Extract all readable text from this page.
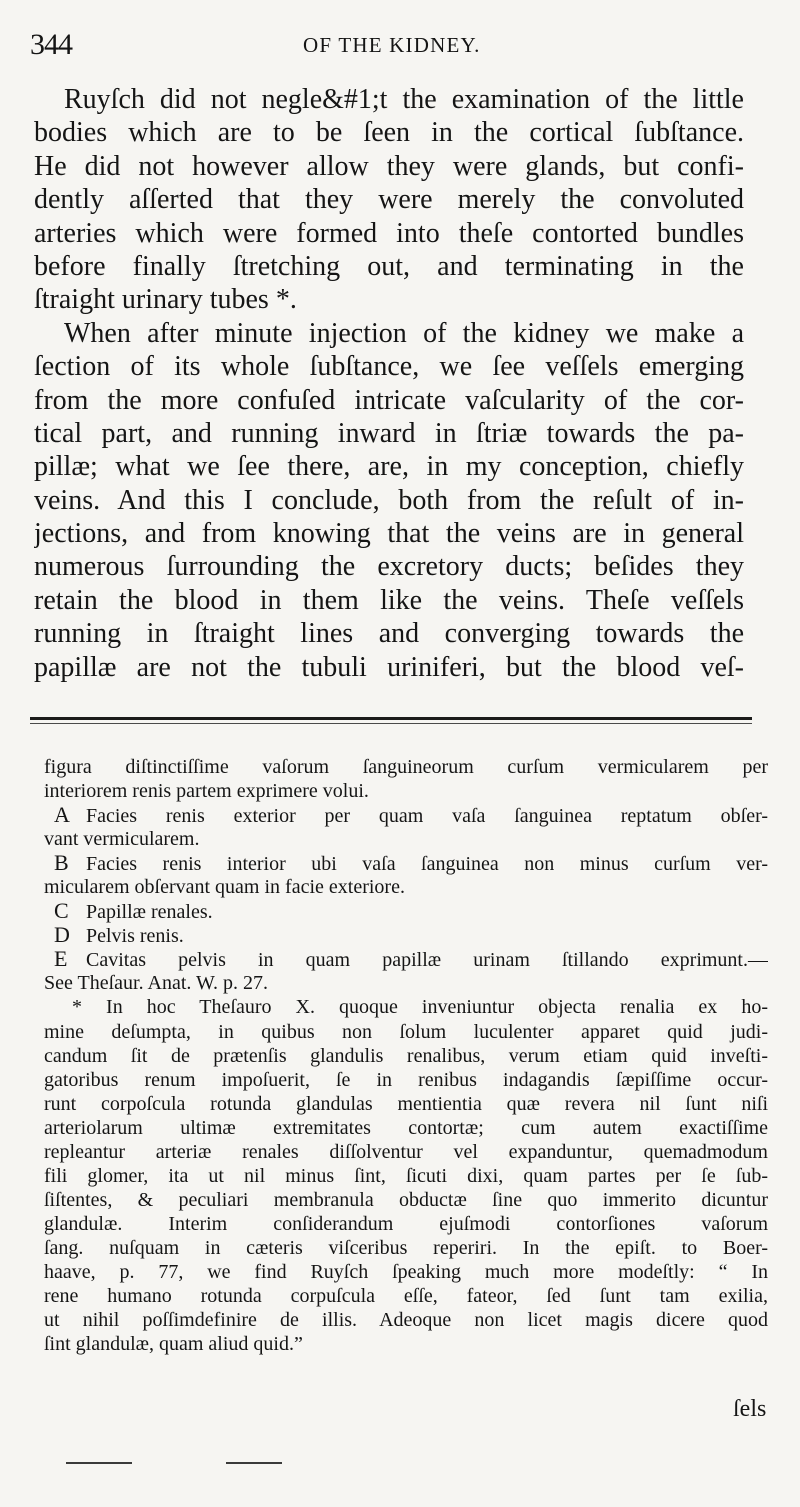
344	OF THE KIDNEY.
Ruyſch did not negle&#1;t the examination of the little
bodies which are to be ſeen in the cortical ſubſtance.
He did not however allow they were glands, but confi-
dently aſſerted that they were merely the convoluted
arteries which were formed into theſe contorted bundles
before finally ſtretching out, and terminating in the
ſtraight urinary tubes *.
When after minute injection of the kidney we make a
ſection of its whole ſubſtance, we ſee veſſels emerging
from the more confuſed intricate vaſcularity of the cor-
tical part, and running inward in ſtriæ towards the pa-
pillæ; what we ſee there, are, in my conception, chiefly
veins. And this I conclude, both from the reſult of in-
jections, and from knowing that the veins are in general
numerous ſurrounding the excretory ducts; beſides they
retain the blood in them like the veins. Theſe veſſels
running in ſtraight lines and converging towards the
papillæ are not the tubuli uriniferi, but the blood veſ-
figura diſtinctiſſime vaſorum ſanguineorum curſum vermicularem per
interiorem renis partem exprimere volui.
A Facies renis exterior per quam vaſa ſanguinea reptatum obſer-
vant vermicularem.
B Facies renis interior ubi vaſa ſanguinea non minus curſum ver-
micularem obſervant quam in facie exteriore.
C Papillæ renales.
D Pelvis renis.
E Cavitas pelvis in quam papillæ urinam ſtillando exprimunt.—
See Theſaur. Anat. W. p. 27.
* In hoc Theſauro X. quoque inveniuntur objecta renalia ex ho-
mine deſumpta, in quibus non ſolum luculenter apparet quid judi-
candum ſit de prætenſis glandulis renalibus, verum etiam quid inveſti-
gatoribus renum impoſuerit, ſe in renibus indagandis ſæpiſſime occur-
runt corpoſcula rotunda glandulas mentientia quæ revera nil ſunt niſi
arteriolarum ultimæ extremitates contortæ; cum autem exactiſſime
repleantur arteriæ renales diſſolventur vel expanduntur, quemadmodum
fili glomer, ita ut nil minus ſint, ſicuti dixi, quam partes per ſe ſub-
ſiſtentes, & peculiari membranula obductæ ſine quo immerito dicuntur
glandulæ. Interim conſiderandum ejuſmodi contorſiones vaſorum
ſang. nuſquam in cæteris viſceribus reperiri. In the epiſt. to Boer-
haave, p. 77, we find Ruyſch ſpeaking much more modeſtly: “ In
rene humano rotunda corpuſcula eſſe, fateor, ſed ſunt tam exilia,
ut nihil poſſimdefinire de illis. Adeoque non licet magis dicere quod
ſint glandulæ, quam aliud quid.”
ſels
